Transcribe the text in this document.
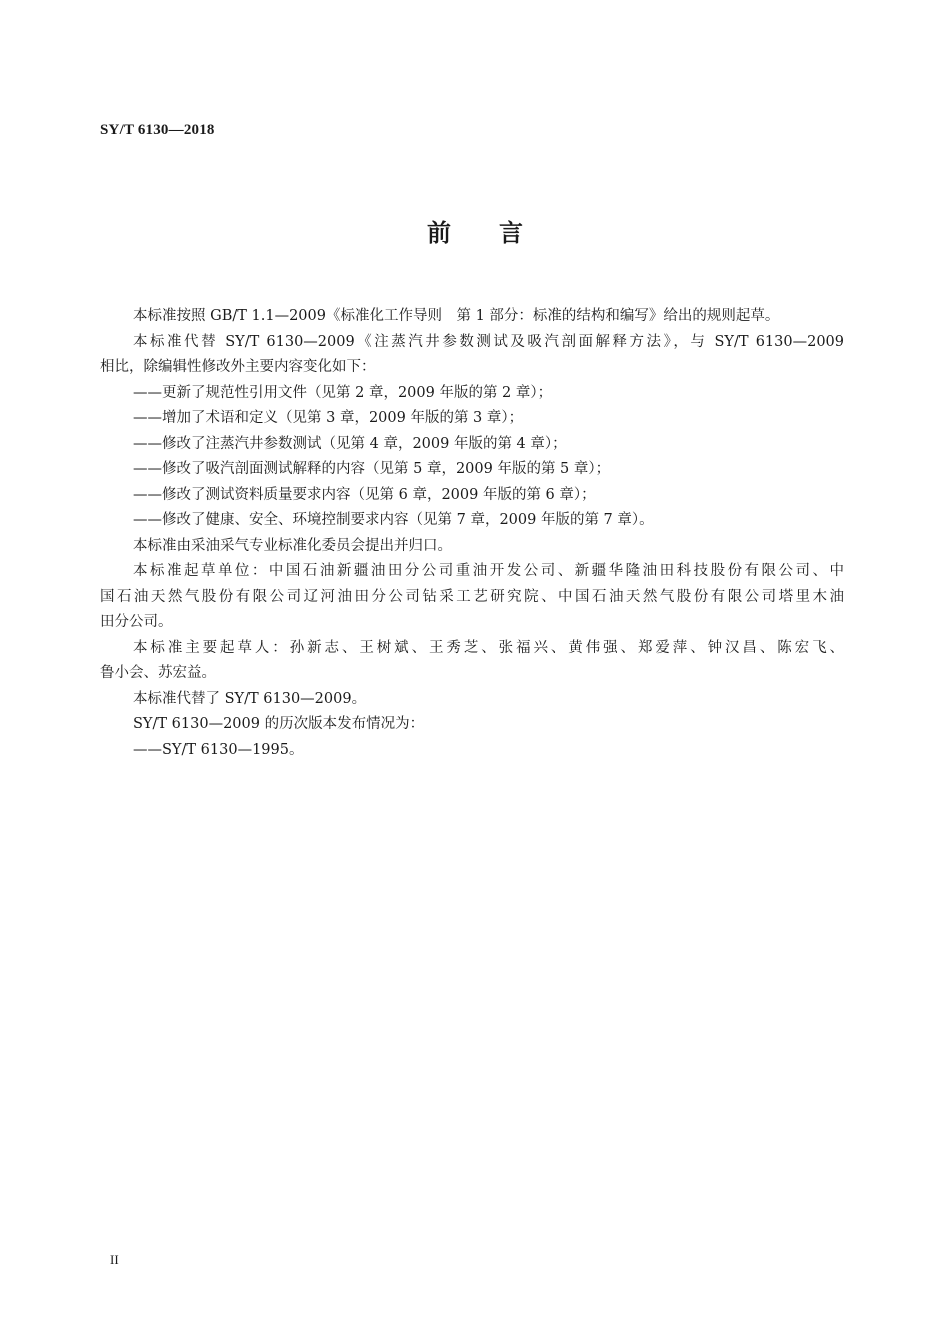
SY/T 6130—2018
前言
本标准按照 GB/T 1.1—2009《标准化工作导则　第 1 部分：标准的结构和编写》给出的规则起草。
本标准代替 SY/T 6130—2009《注蒸汽井参数测试及吸汽剖面解释方法》，与 SY/T 6130—2009
相比，除编辑性修改外主要内容变化如下：
——更新了规范性引用文件（见第 2 章，2009 年版的第 2 章）；
——增加了术语和定义（见第 3 章，2009 年版的第 3 章）；
——修改了注蒸汽井参数测试（见第 4 章，2009 年版的第 4 章）；
——修改了吸汽剖面测试解释的内容（见第 5 章，2009 年版的第 5 章）；
——修改了测试资料质量要求内容（见第 6 章，2009 年版的第 6 章）；
——修改了健康、安全、环境控制要求内容（见第 7 章，2009 年版的第 7 章）。
本标准由采油采气专业标准化委员会提出并归口。
本标准起草单位：中国石油新疆油田分公司重油开发公司、新疆华隆油田科技股份有限公司、中
国石油天然气股份有限公司辽河油田分公司钻采工艺研究院、中国石油天然气股份有限公司塔里木油
田分公司。
本标准主要起草人：孙新志、王树斌、王秀芝、张福兴、黄伟强、郑爱萍、钟汉昌、陈宏飞、
鲁小会、苏宏益。
本标准代替了 SY/T 6130—2009。
SY/T 6130—2009 的历次版本发布情况为：
——SY/T 6130—1995。
II
